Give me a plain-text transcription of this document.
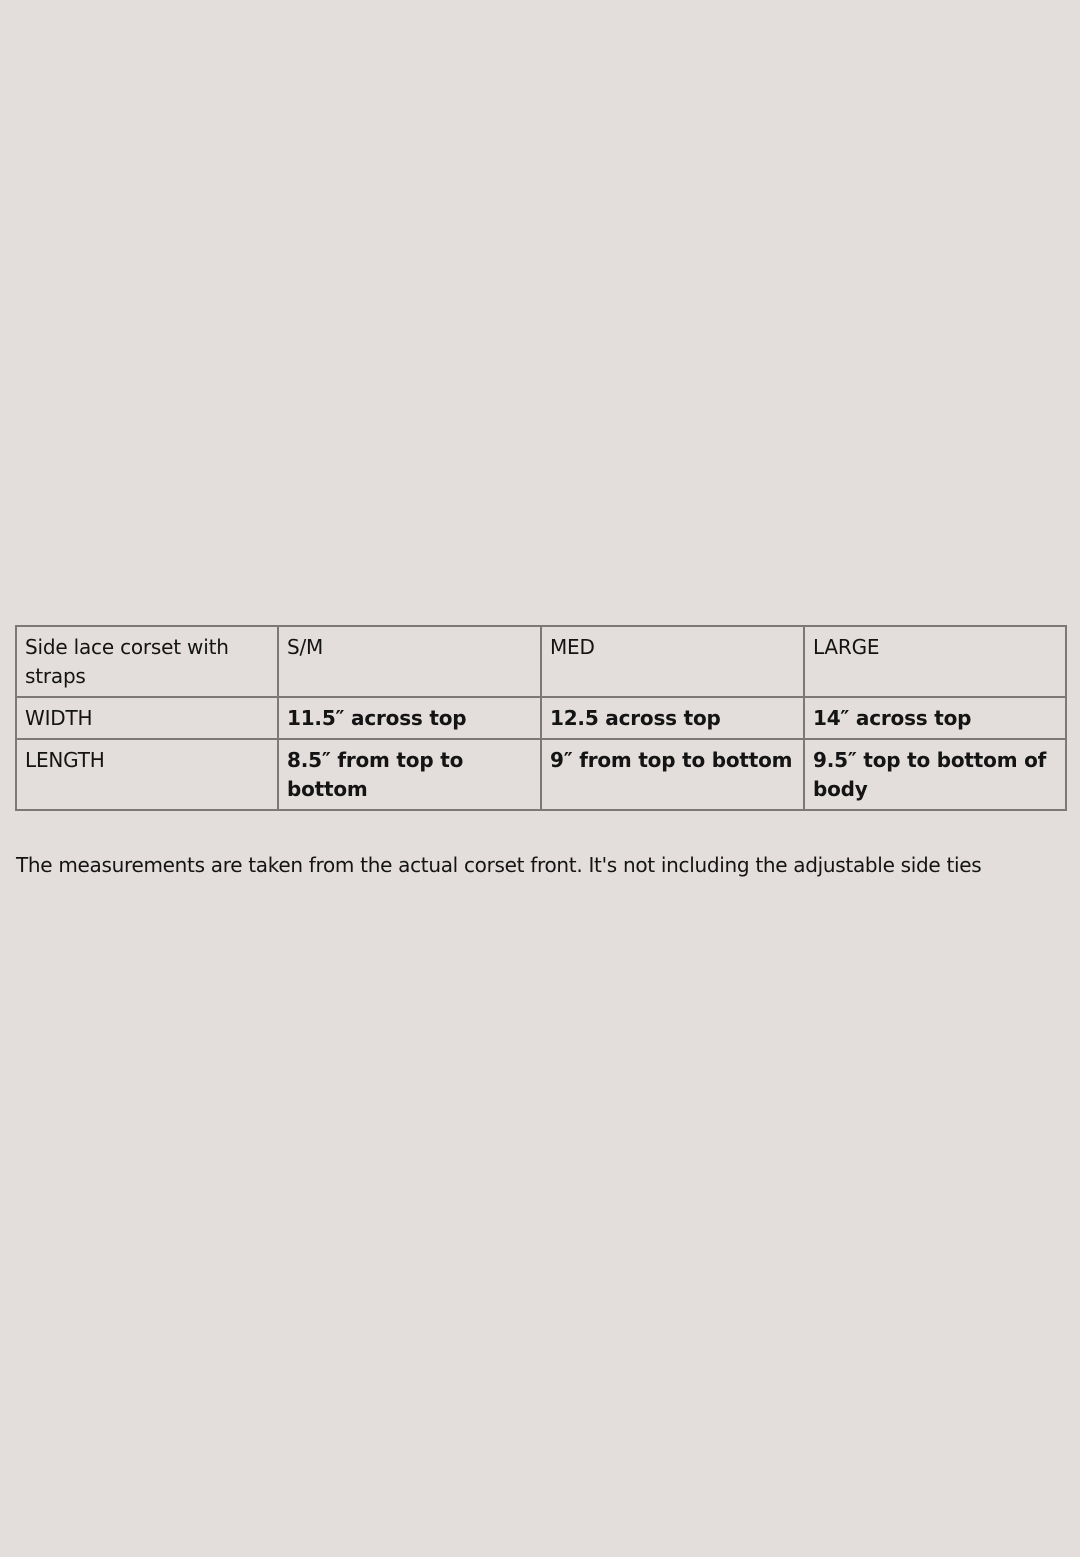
Side lace corset with straps	S/M	MED	LARGE
WIDTH	11.5″ across top	12.5 across top	14″ across top
LENGTH	8.5″ from top to bottom	9″ from top to bottom	9.5″ top to bottom of body

The measurements are taken from the actual corset front. It's not including the adjustable side ties
